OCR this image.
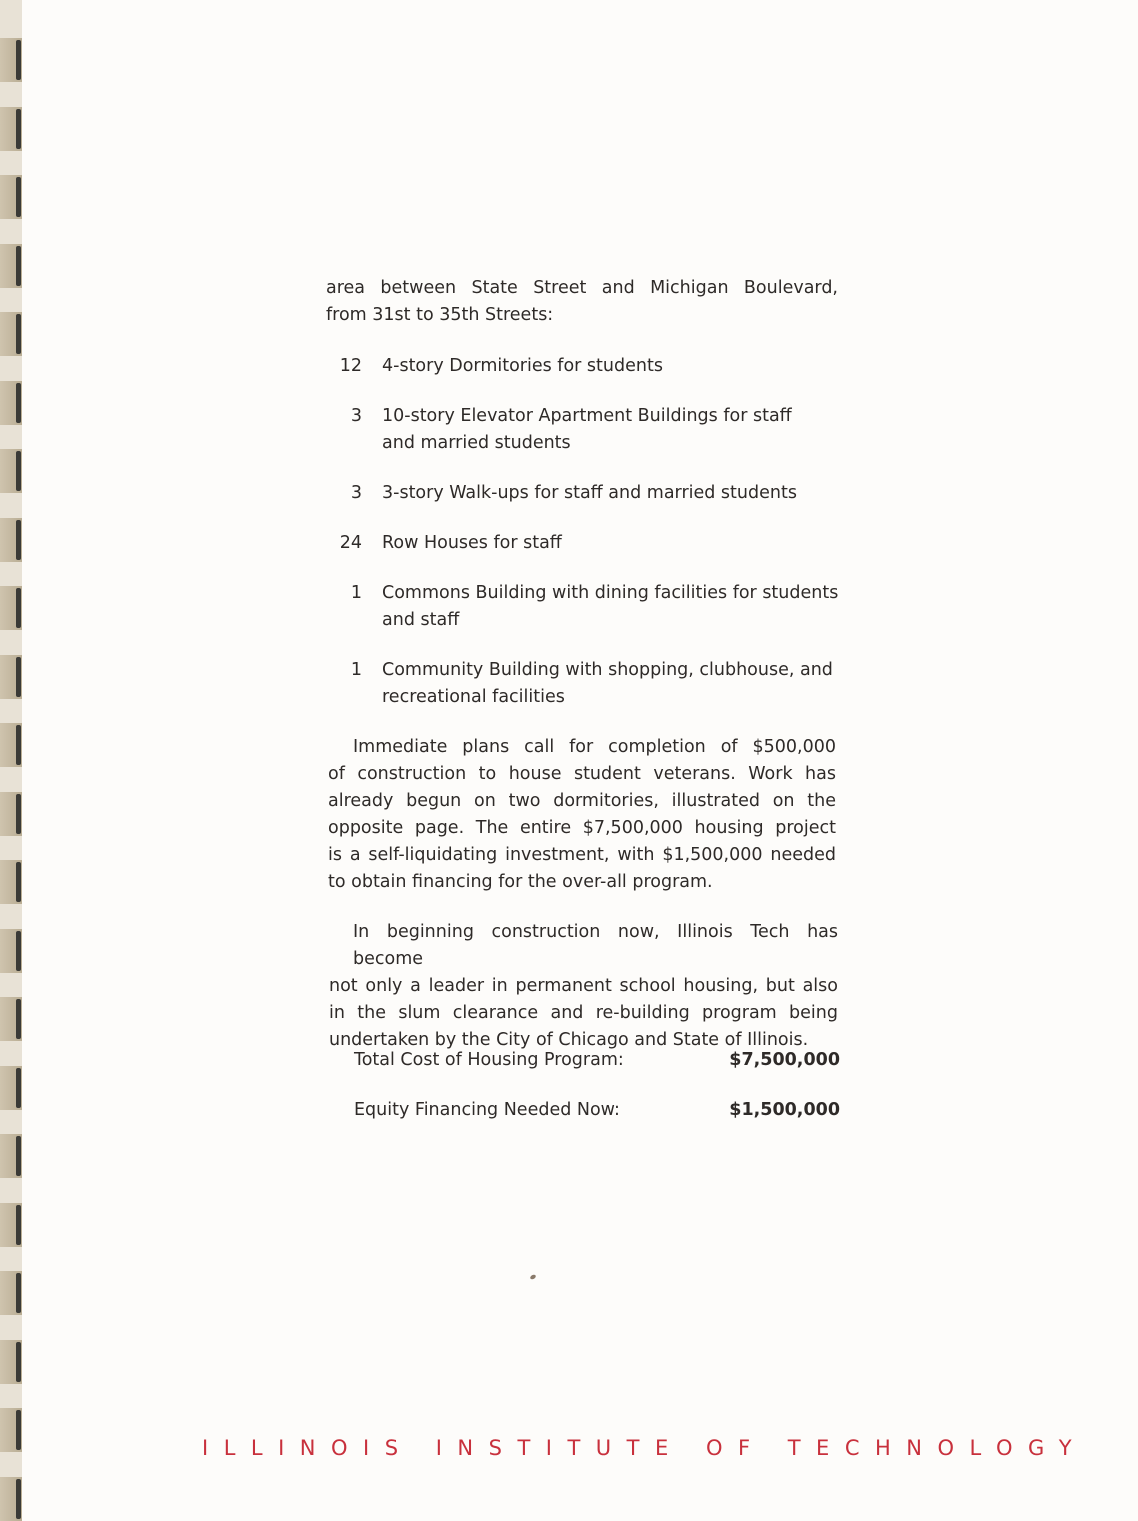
area between State Street and Michigan Boulevard,
from 31st to 35th Streets:
12 4-story Dormitories for students
3 10-story Elevator Apartment Buildings for staff
and married students
3 3-story Walk-ups for staff and married students
24 Row Houses for staff
1 Commons Building with dining facilities for students
and staff
1 Community Building with shopping, clubhouse, and
recreational facilities
Immediate plans call for completion of $500,000
of construction to house student veterans. Work has
already begun on two dormitories, illustrated on the
opposite page. The entire $7,500,000 housing project
is a self-liquidating investment, with $1,500,000 needed
to obtain financing for the over-all program.
In beginning construction now, Illinois Tech has become
not only a leader in permanent school housing, but also
in the slum clearance and re-building program being
undertaken by the City of Chicago and State of Illinois.
Total Cost of Housing Program:	$7,500,000
Equity Financing Needed Now:	$1,500,000
ILLINOIS INSTITUTE OF TECHNOLOGY
